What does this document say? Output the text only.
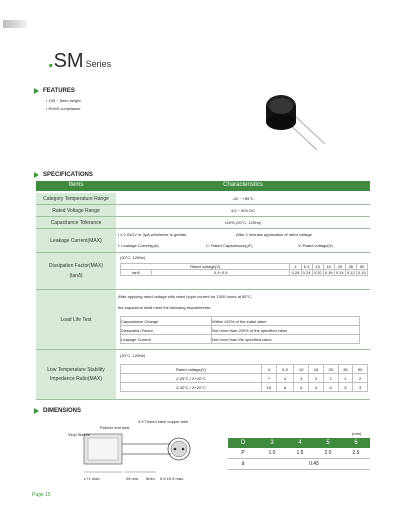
. SM Series
FEATURES
• 105 ~ 5mm height
• RoHS compliance
SPECIFICATIONS
Items	Characteristics
Category Temperature Range	-40 ~ +85°C
Rated Voltage Range	4.0 ~ 50V DC
Capacitance Tolerance	±20% (20°C, 120Hz)
Leakage Current(MAX)
I ≤ 0.01CV or 3μA whichever is greater	After 2 minutes application of rated voltage
I: Leakage Current(μA)	C: Rated Capacitance(μF)	V: Rated voltage(V)
Dissipation Factor(MAX)
(tanδ)
(20°C, 120Hz)
Rated voltage(V)		4	6.3	10	16	25	35	50
tanδ	0.4~0.5	0.28	0.24	0.20	0.16	0.14	0.12	0.10
Load Life Test
After applying rated voltage with rated ripple current for 1000 hours at 85°C,
the capacitors shall meet the following requirements:
Capacitance Change	Within ±20% of the initial value
Dissipation Factor	Not more than 200% of the specified value
Leakage Current	Not more than the specified value
Low Temperature Stability
Impedance Ratio(MAX)
(20°C, 120Hz)
Rated voltage(V)	4	6.3	10	16	25	35	50
Z-25°C / Z+20°C	7	4	3	3	2	2	2
Z-40°C / Z+20°C	15	8	6	4	4	3	3
DIMENSIONS
4.5 Tinned steel copper wire
Rubber end seal
Vinyl Sleeve
L+1 max.	25 min. 5min. 0.5 ±0.5 max.
(mm)
D	3	4	5	6
P	1.0	1.5	2.0	2.5
d	0.45
Page 15
